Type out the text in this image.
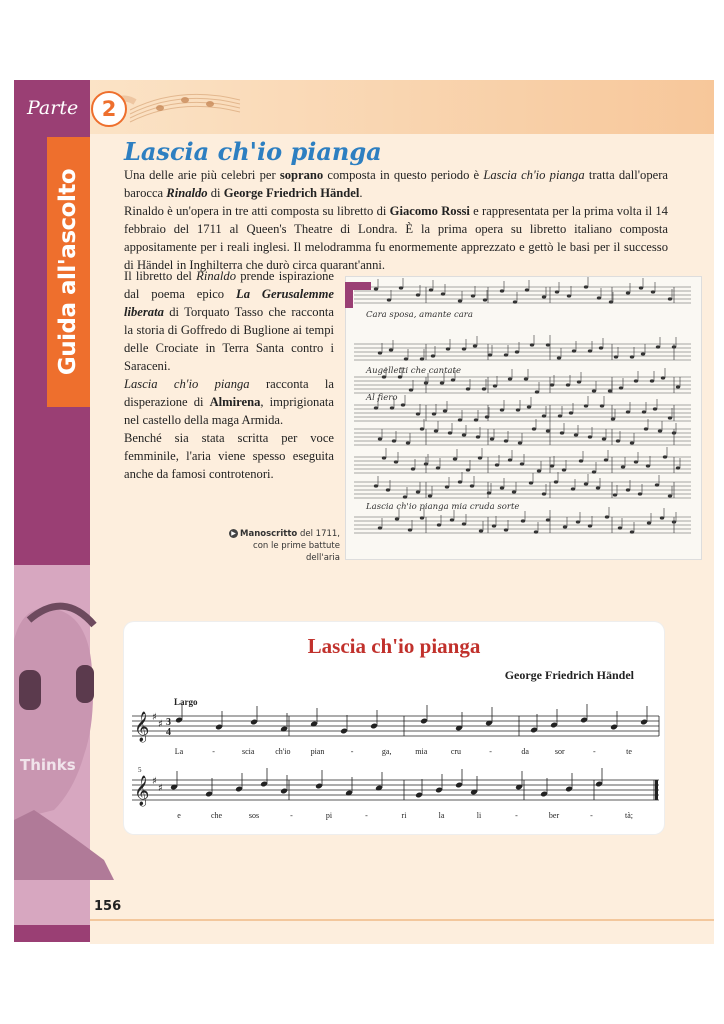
Parte	2
Guida all'ascolto
Thinks
Lascia ch'io pianga

Una delle arie più celebri per soprano composta in questo periodo è Lascia ch'io pianga tratta dall'opera barocca Rinaldo di George Friedrich Händel.

Rinaldo è un'opera in tre atti composta su libretto di Giacomo Rossi e rappresentata per la prima volta il 14 febbraio del 1711 al Queen's Theatre di Londra. È la prima opera su libretto italiano composta appositamente per i reali inglesi. Il melodramma fu enormemente apprezzato e gettò le basi per il successo di Händel in Inghilterra che durò circa quarant'anni.

Il libretto del Rinaldo prende ispirazione dal poema epico La Gerusalemme liberata di Torquato Tasso che racconta la storia di Goffredo di Buglione ai tempi delle Crociate in Terra Santa contro i Saraceni.

Lascia ch'io pianga racconta la disperazione di Almirena, imprigionata nel castello della maga Armida.

Benché sia stata scritta per voce femminile, l'aria viene spesso eseguita anche da famosi controtenori.

Cara sposa, amante cara
Augelletti che cantate
Al fiero
Lascia ch'io pianga mia cruda sorte
▶ Manoscritto del 1711, con le prime battute dell'aria
Lascia ch'io pianga
George Friedrich Händel
Largo
𝄞 ♯
♯ 3
4
La	-	scia	ch'io	pian	-	ga,	mia	cru	-	da	sor	-	te
𝄞 ♯
♯
5
e	che	sos	-	pi	-	ri	la	li	-	ber	-	tà;
156
